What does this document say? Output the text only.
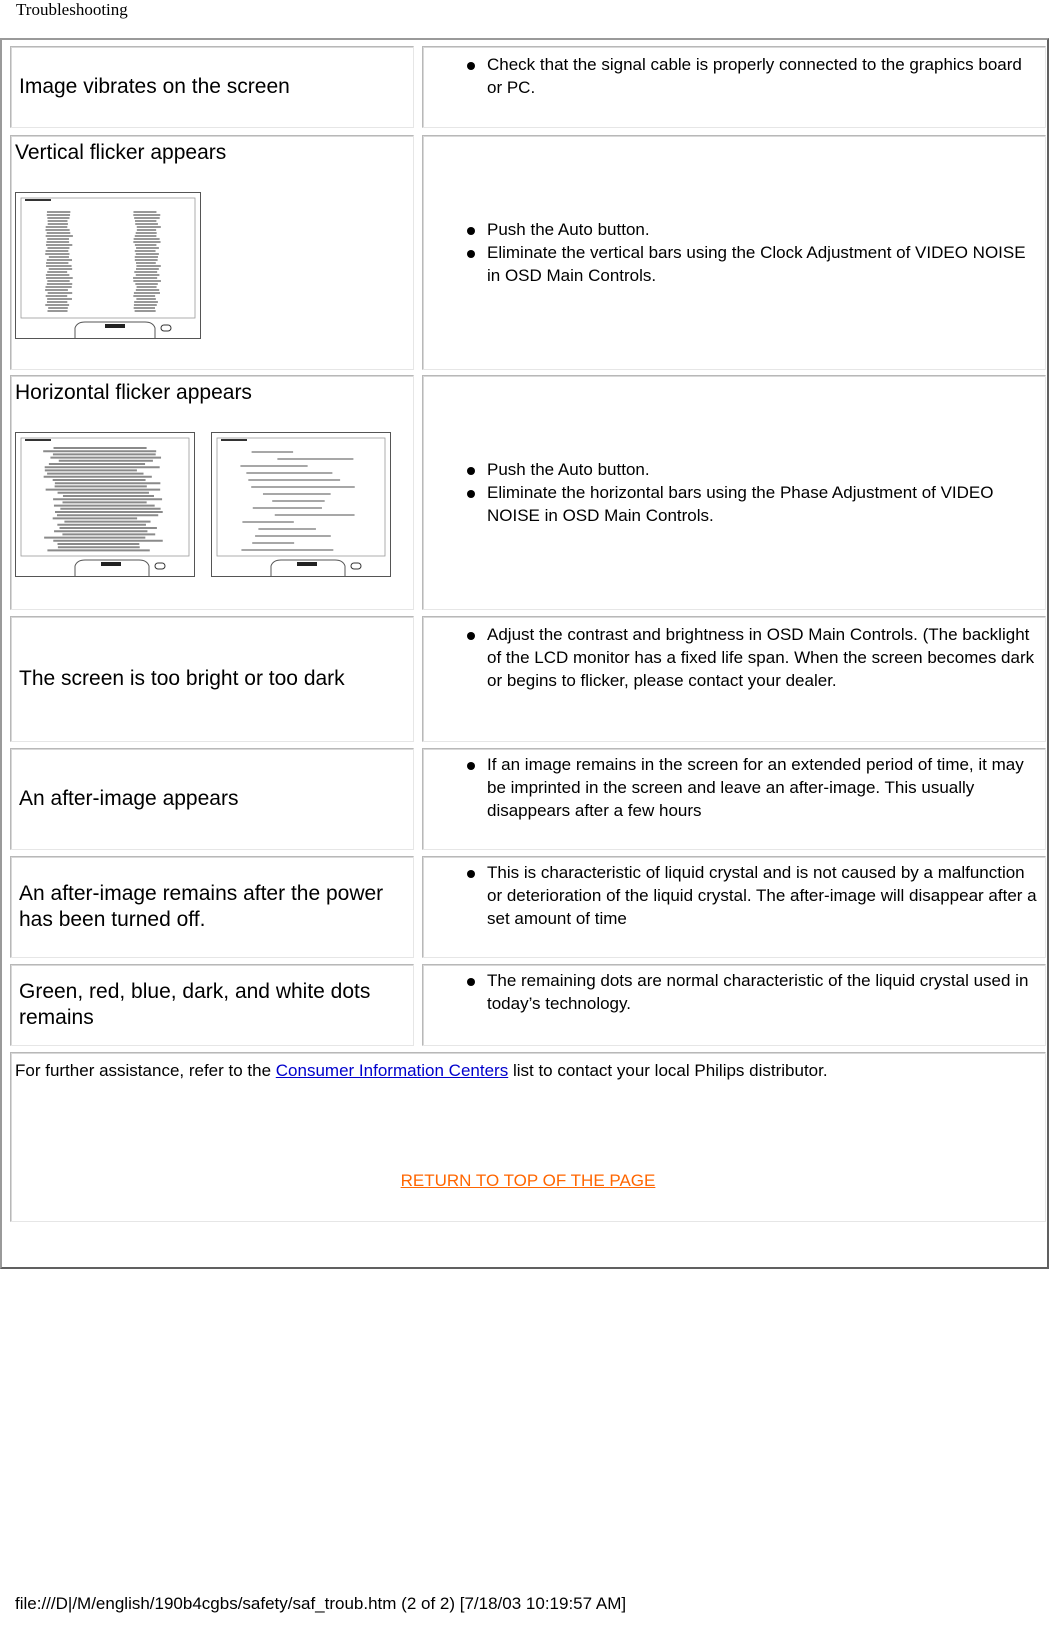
Troubleshooting
Image vibrates on the screen
Check that the signal cable is properly connected to the graphics board or PC.
Vertical flicker appears
Push the Auto button.
Eliminate the vertical bars using the Clock Adjustment of VIDEO NOISE in OSD Main Controls.
Horizontal flicker appears
Push the Auto button.
Eliminate the horizontal bars using the Phase Adjustment of VIDEO NOISE in OSD Main Controls.
The screen is too bright or too dark
Adjust the contrast and brightness in OSD Main Controls. (The backlight of the LCD monitor has a fixed life span. When the screen becomes dark or begins to flicker, please contact your dealer.
An after-image appears
If an image remains in the screen for an extended period of time, it may be imprinted in the screen and leave an after-image. This usually disappears after a few hours
An after-image remains after the power has been turned off.
This is characteristic of liquid crystal and is not caused by a malfunction or deterioration of the liquid crystal. The after-image will disappear after a set amount of time
Green, red, blue, dark, and white dots remains
The remaining dots are normal characteristic of the liquid crystal used in today’s technology.
For further assistance, refer to the Consumer Information Centers list to contact your local Philips distributor.
RETURN TO TOP OF THE PAGE
file:///D|/M/english/190b4cgbs/safety/saf_troub.htm (2 of 2) [7/18/03 10:19:57 AM]
